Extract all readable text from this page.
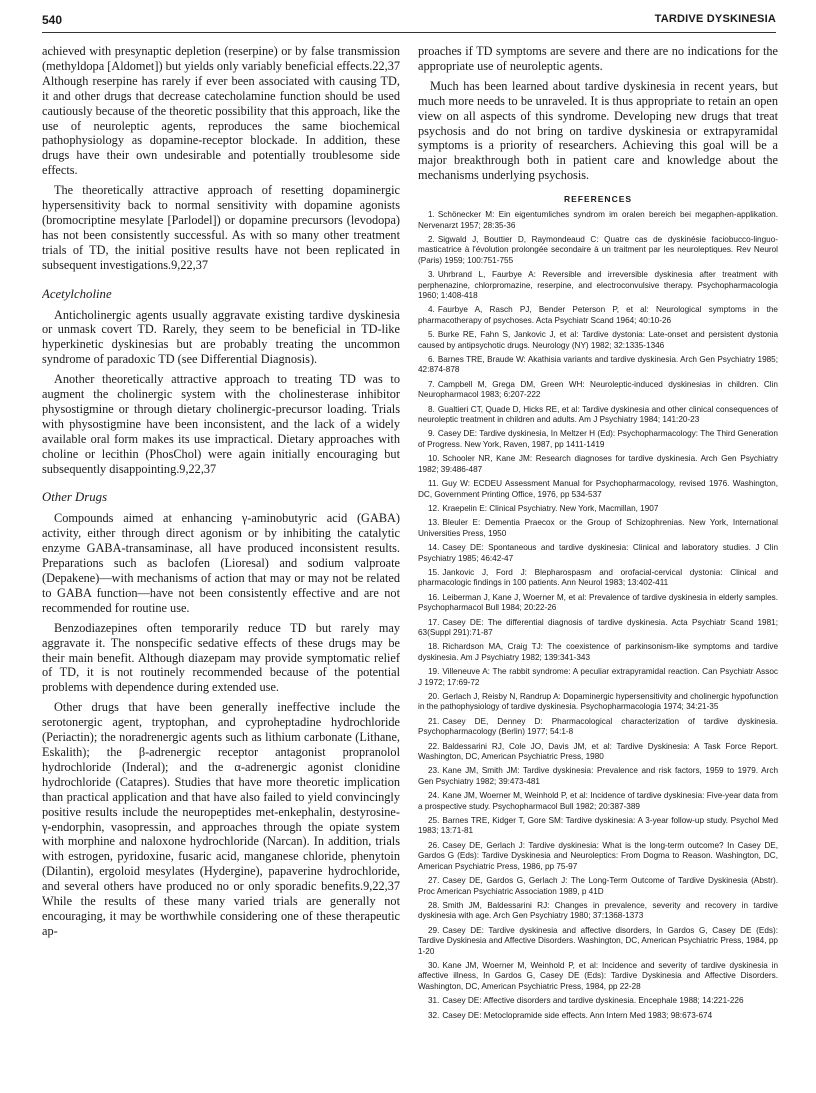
540	TARDIVE DYSKINESIA

achieved with presynaptic depletion (reserpine) or by false transmission (methyldopa [Aldomet]) but yields only variably beneficial effects.22,37 Although reserpine has rarely if ever been associated with causing TD, it and other drugs that decrease catecholamine function should be used cautiously because of the theoretic possibility that this approach, like the use of neuroleptic agents, reproduces the same biochemical pathophysiology as dopamine-receptor blockade. In addition, these drugs have their own undesirable and potentially troublesome side effects.

The theoretically attractive approach of resetting dopaminergic hypersensitivity back to normal sensitivity with dopamine agonists (bromocriptine mesylate [Parlodel]) or dopamine precursors (levodopa) has not been consistently successful. As with so many other treatment trials of TD, the initial positive results have not been replicated in subsequent investigations.9,22,37

Acetylcholine

Anticholinergic agents usually aggravate existing tardive dyskinesia or unmask covert TD. Rarely, they seem to be beneficial in TD-like hyperkinetic dyskinesias but are probably treating the uncommon syndrome of paradoxic TD (see Differential Diagnosis).

Another theoretically attractive approach to treating TD was to augment the cholinergic system with the cholinesterase inhibitor physostigmine or through dietary cholinergic-precursor loading. Trials with physostigmine have been inconsistent, and the lack of a widely available oral form makes its use impractical. Dietary approaches with choline or lecithin (PhosChol) were again initially encouraging but subsequently disappointing.9,22,37

Other Drugs

Compounds aimed at enhancing γ-aminobutyric acid (GABA) activity, either through direct agonism or by inhibiting the catalytic enzyme GABA-transaminase, all have produced inconsistent results. Preparations such as baclofen (Lioresal) and sodium valproate (Depakene)—with mechanisms of action that may or may not be related to GABA function—have not been consistently effective and are not recommended for routine use.

Benzodiazepines often temporarily reduce TD but rarely may aggravate it. The nonspecific sedative effects of these drugs may be their main benefit. Although diazepam may provide symptomatic relief of TD, it is not routinely recommended because of the potential problems with dependence during extended use.

Other drugs that have been generally ineffective include the serotonergic agent, tryptophan, and cyproheptadine hydrochloride (Periactin); the noradrenergic agents such as lithium carbonate (Lithane, Eskalith); the β-adrenergic receptor antagonist propranolol hydrochloride (Inderal); and the α-adrenergic agonist clonidine hydrochloride (Catapres). Studies that have more theoretic implication than practical application and that have also failed to yield convincingly positive results include the neuropeptides met-enkephalin, destyrosine-γ-endorphin, vasopressin, and approaches through the opiate system with morphine and naloxone hydrochloride (Narcan). In addition, trials with estrogen, pyridoxine, fusaric acid, manganese chloride, phenytoin (Dilantin), ergoloid mesylates (Hydergine), papaverine hydrochloride, and several others have produced no or only sporadic benefits.9,22,37 While the results of these many varied trials are generally not encouraging, it may be worthwhile considering one of these therapeutic ap-

proaches if TD symptoms are severe and there are no indications for the appropriate use of neuroleptic agents.

Much has been learned about tardive dyskinesia in recent years, but much more needs to be unraveled. It is thus appropriate to retain an open view on all aspects of this syndrome. Developing new drugs that treat psychosis and do not bring on tardive dyskinesia or extrapyramidal symptoms is a priority of researchers. Achieving this goal will be a major breakthrough both in patient care and knowledge about the mechanisms underlying psychosis.

REFERENCES
1. Schönecker M: Ein eigentumliches syndrom im oralen bereich bei megaphen-applikation. Nervenarzt 1957; 28:35-36
2. Sigwald J, Bouttier D, Raymondeaud C: Quatre cas de dyskinésie faciobucco-linguo-masticatrice à l'évolution prolongée secondaire à un traitment par les neuroleptiques. Rev Neurol (Paris) 1959; 100:751-755
3. Uhrbrand L, Faurbye A: Reversible and irreversible dyskinesia after treatment with perphenazine, chlorpromazine, reserpine, and electroconvulsive therapy. Psychopharmacologia 1960; 1:408-418
4. Faurbye A, Rasch PJ, Bender Peterson P, et al: Neurological symptoms in the pharmacotherapy of psychoses. Acta Psychiatr Scand 1964; 40:10-26
5. Burke RE, Fahn S, Jankovic J, et al: Tardive dystonia: Late-onset and persistent dystonia caused by antipsychotic drugs. Neurology (NY) 1982; 32:1335-1346
6. Barnes TRE, Braude W: Akathisia variants and tardive dyskinesia. Arch Gen Psychiatry 1985; 42:874-878
7. Campbell M, Grega DM, Green WH: Neuroleptic-induced dyskinesias in children. Clin Neuropharmacol 1983; 6:207-222
8. Gualtieri CT, Quade D, Hicks RE, et al: Tardive dyskinesia and other clinical consequences of neuroleptic treatment in children and adults. Am J Psychiatry 1984; 141:20-23
9. Casey DE: Tardive dyskinesia, In Meltzer H (Ed): Psychopharmacology: The Third Generation of Progress. New York, Raven, 1987, pp 1411-1419
10. Schooler NR, Kane JM: Research diagnoses for tardive dyskinesia. Arch Gen Psychiatry 1982; 39:486-487
11. Guy W: ECDEU Assessment Manual for Psychopharmacology, revised 1976. Washington, DC, Government Printing Office, 1976, pp 534-537
12. Kraepelin E: Clinical Psychiatry. New York, Macmillan, 1907
13. Bleuler E: Dementia Praecox or the Group of Schizophrenias. New York, International Universities Press, 1950
14. Casey DE: Spontaneous and tardive dyskinesia: Clinical and laboratory studies. J Clin Psychiatry 1985; 46:42-47
15. Jankovic J, Ford J: Blepharospasm and orofacial-cervical dystonia: Clinical and pharmacologic findings in 100 patients. Ann Neurol 1983; 13:402-411
16. Leiberman J, Kane J, Woerner M, et al: Prevalence of tardive dyskinesia in elderly samples. Psychopharmacol Bull 1984; 20:22-26
17. Casey DE: The differential diagnosis of tardive dyskinesia. Acta Psychiatr Scand 1981; 63(Suppl 291):71-87
18. Richardson MA, Craig TJ: The coexistence of parkinsonism-like symptoms and tardive dyskinesia. Am J Psychiatry 1982; 139:341-343
19. Villeneuve A: The rabbit syndrome: A peculiar extrapyramidal reaction. Can Psychiatr Assoc J 1972; 17:69-72
20. Gerlach J, Reisby N, Randrup A: Dopaminergic hypersensitivity and cholinergic hypofunction in the pathophysiology of tardive dyskinesia. Psychopharmacologia 1974; 34:21-35
21. Casey DE, Denney D: Pharmacological characterization of tardive dyskinesia. Psychopharmacology (Berlin) 1977; 54:1-8
22. Baldessarini RJ, Cole JO, Davis JM, et al: Tardive Dyskinesia: A Task Force Report. Washington, DC, American Psychiatric Press, 1980
23. Kane JM, Smith JM: Tardive dyskinesia: Prevalence and risk factors, 1959 to 1979. Arch Gen Psychiatry 1982; 39:473-481
24. Kane JM, Woerner M, Weinhold P, et al: Incidence of tardive dyskinesia: Five-year data from a prospective study. Psychopharmacol Bull 1982; 20:387-389
25. Barnes TRE, Kidger T, Gore SM: Tardive dyskinesia: A 3-year follow-up study. Psychol Med 1983; 13:71-81
26. Casey DE, Gerlach J: Tardive dyskinesia: What is the long-term outcome? In Casey DE, Gardos G (Eds): Tardive Dyskinesia and Neuroleptics: From Dogma to Reason. Washington, DC, American Psychiatric Press, 1986, pp 75-97
27. Casey DE, Gardos G, Gerlach J: The Long-Term Outcome of Tardive Dyskinesia (Abstr). Proc American Psychiatric Association 1989, p 41D
28. Smith JM, Baldessarini RJ: Changes in prevalence, severity and recovery in tardive dyskinesia with age. Arch Gen Psychiatry 1980; 37:1368-1373
29. Casey DE: Tardive dyskinesia and affective disorders, In Gardos G, Casey DE (Eds): Tardive Dyskinesia and Affective Disorders. Washington, DC, American Psychiatric Press, 1984, pp 1-20
30. Kane JM, Woerner M, Weinhold P, et al: Incidence and severity of tardive dyskinesia in affective illness, In Gardos G, Casey DE (Eds): Tardive Dyskinesia and Affective Disorders. Washington, DC, American Psychiatric Press, 1984, pp 22-28
31. Casey DE: Affective disorders and tardive dyskinesia. Encephale 1988; 14:221-226
32. Casey DE: Metoclopramide side effects. Ann Intern Med 1983; 98:673-674
